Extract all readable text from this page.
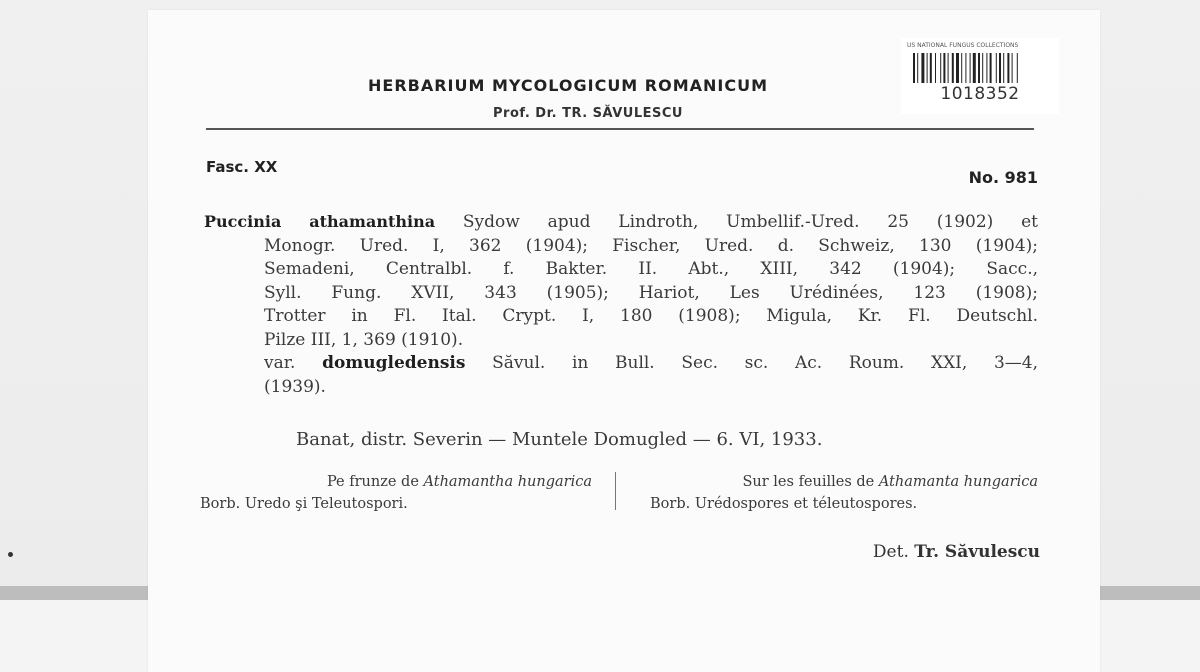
HERBARIUM MYCOLOGICUM ROMANICUM
Prof. Dr. TR. SĂVULESCU
Fasc. XX
No. 981
Puccinia athamanthina Sydow apud Lindroth, Umbellif.-Ured. 25 (1902) et
Monogr. Ured. I, 362 (1904); Fischer, Ured. d. Schweiz, 130 (1904);
Semadeni, Centralbl. f. Bakter. II. Abt., XIII, 342 (1904); Sacc.,
Syll. Fung. XVII, 343 (1905); Hariot, Les Urédinées, 123 (1908);
Trotter in Fl. Ital. Crypt. I, 180 (1908); Migula, Kr. Fl. Deutschl.
Pilze III, 1, 369 (1910).
var. domugledensis Săvul. in Bull. Sec. sc. Ac. Roum. XXI, 3—4,
(1939).
Banat, distr. Severin — Muntele Domugled — 6. VI, 1933.
Pe frunze de Athamantha hungarica
Borb. Uredo şi Teleutospori.
Sur les feuilles de Athamanta hungarica
Borb. Urédospores et téleutospores.
Det. Tr. Săvulescu
US NATIONAL FUNGUS COLLECTIONS
1018352
